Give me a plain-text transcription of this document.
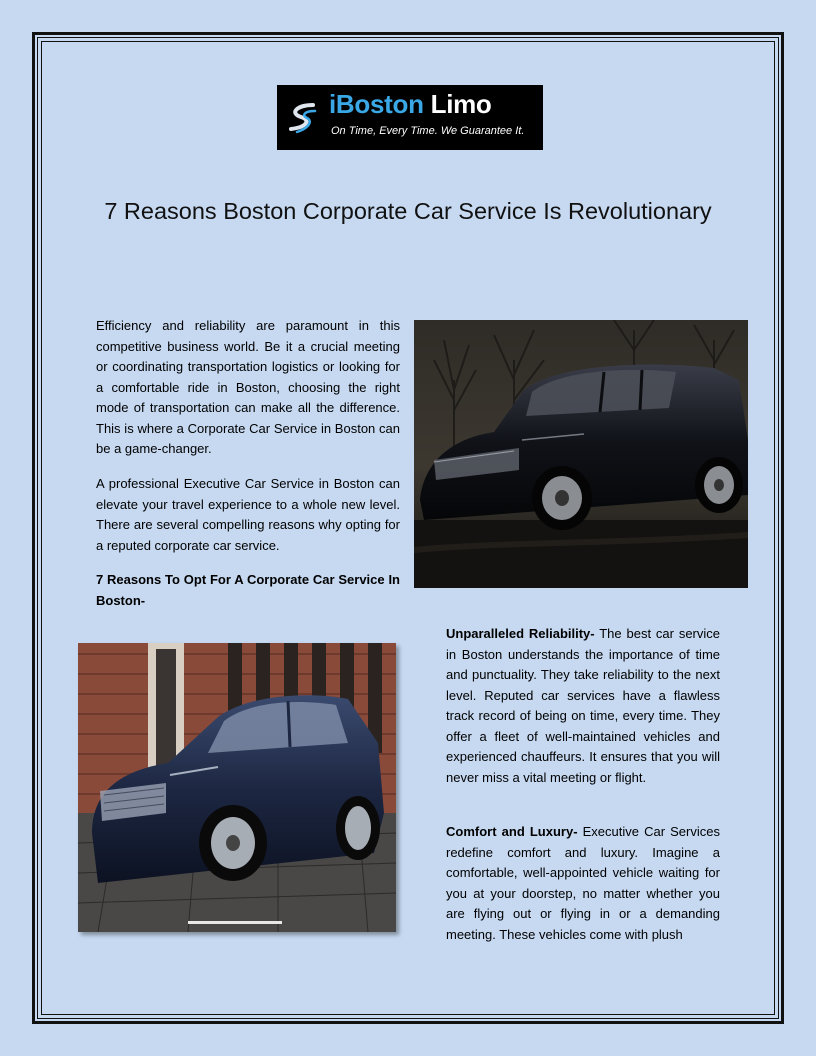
iBoston Limo
On Time, Every Time. We Guarantee It.
7 Reasons Boston Corporate Car Service Is Revolutionary

Efficiency and reliability are paramount in this competitive business world. Be it a crucial meeting or coordinating transportation logistics or looking for a comfortable ride in Boston, choosing the right mode of transportation can make all the difference. This is where a Corporate Car Service in Boston can be a game-changer.

A professional Executive Car Service in Boston can elevate your travel experience to a whole new level. There are several compelling reasons why opting for a reputed corporate car service.

7 Reasons To Opt For A Corporate Car Service In Boston-

Unparalleled Reliability- The best car service in Boston understands the importance of time and punctuality. They take reliability to the next level. Reputed car services have a flawless track record of being on time, every time. They offer a fleet of well-maintained vehicles and experienced chauffeurs. It ensures that you will never miss a vital meeting or flight.

Comfort and Luxury- Executive Car Services redefine comfort and luxury. Imagine a comfortable, well-appointed vehicle waiting for you at your doorstep, no matter whether you are flying out or flying in or a demanding meeting. These vehicles come with plush
